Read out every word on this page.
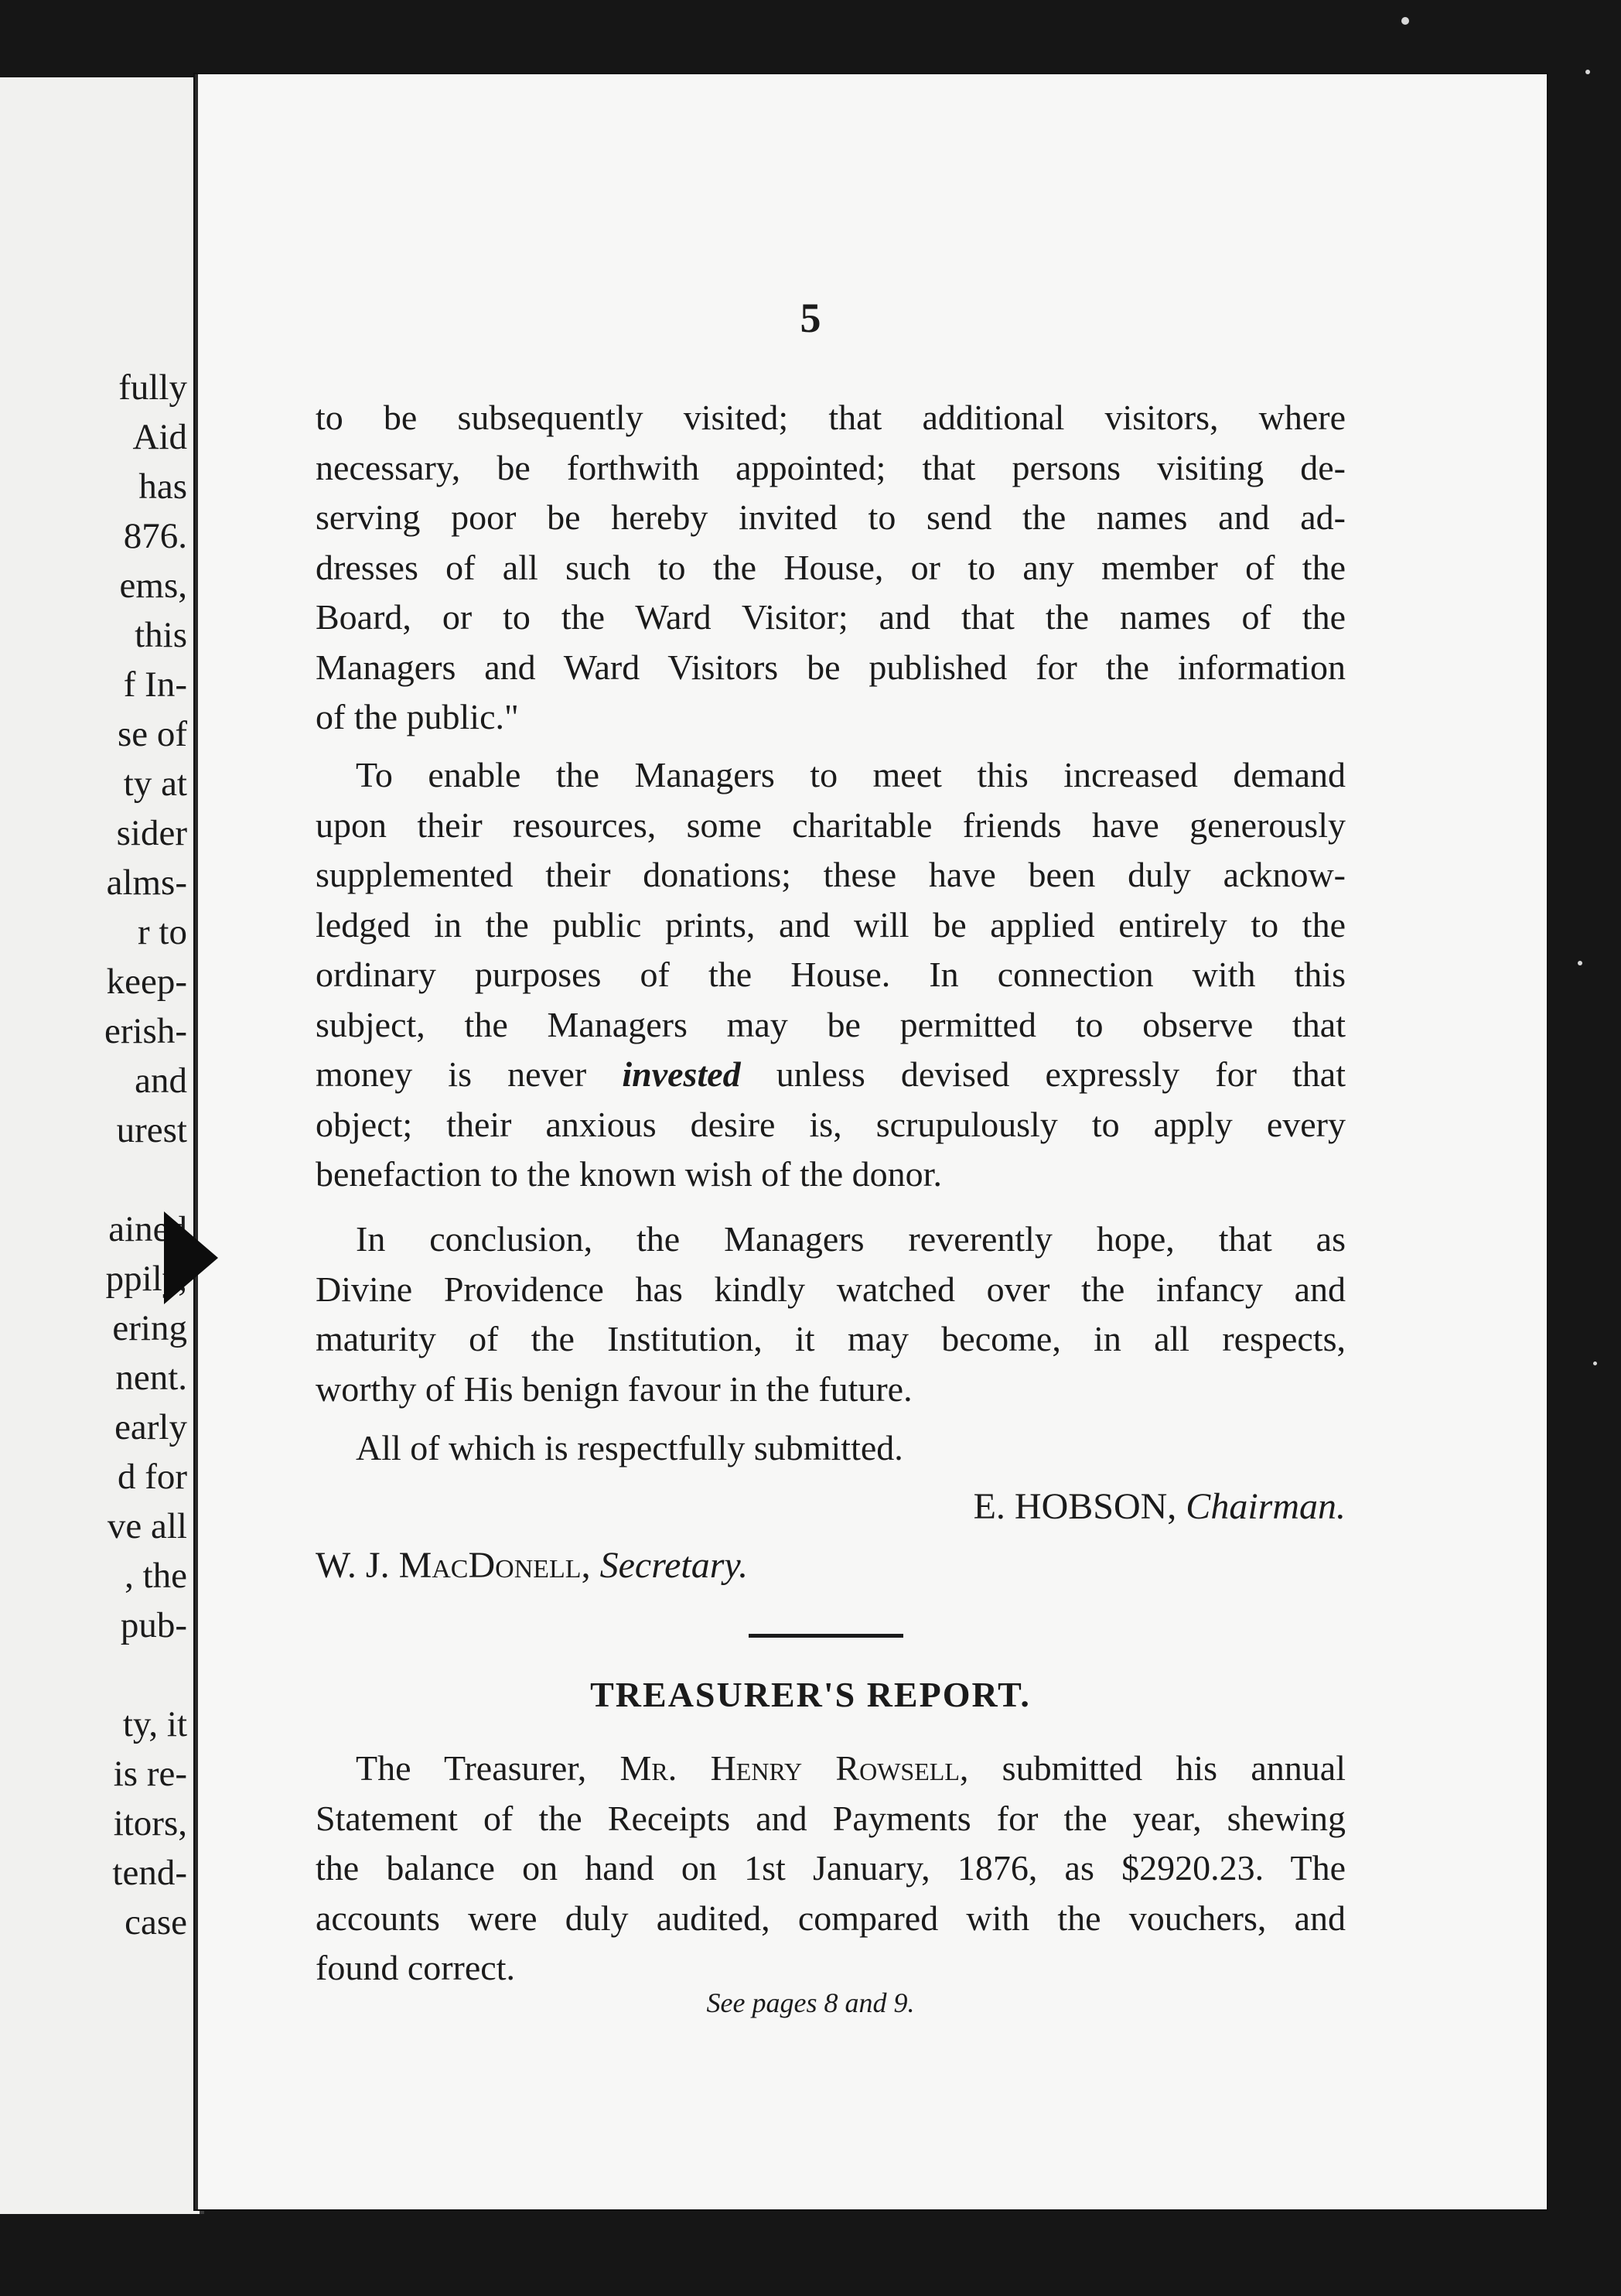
fully
Aid
has
876.
ems,
this
f In-
se of
ty at
sider
alms-
r to
keep-
erish-
and
urest
ained
ppily,
ering
nent.
early
d for
ve all
, the
pub-
ty, it
is re-
itors,
tend-
case
5
to be subsequently visited; that additional visitors, where
necessary, be forthwith appointed; that persons visiting de-
serving poor be hereby invited to send the names and ad-
dresses of all such to the House, or to any member of the
Board, or to the Ward Visitor; and that the names of the
Managers and Ward Visitors be published for the information
of the public."
To enable the Managers to meet this increased demand
upon their resources, some charitable friends have generously
supplemented their donations; these have been duly acknow-
ledged in the public prints, and will be applied entirely to the
ordinary purposes of the House. In connection with this
subject, the Managers may be permitted to observe that
money is never invested unless devised expressly for that
object; their anxious desire is, scrupulously to apply every
benefaction to the known wish of the donor.
In conclusion, the Managers reverently hope, that as
Divine Providence has kindly watched over the infancy and
maturity of the Institution, it may become, in all respects,
worthy of His benign favour in the future.
All of which is respectfully submitted.
E. HOBSON, Chairman.
W. J. MacDonell, Secretary.
TREASURER'S REPORT.
The Treasurer, Mr. Henry Rowsell, submitted his annual
Statement of the Receipts and Payments for the year, shewing
the balance on hand on 1st January, 1876, as $2920.23. The
accounts were duly audited, compared with the vouchers, and
found correct.
See pages 8 and 9.
